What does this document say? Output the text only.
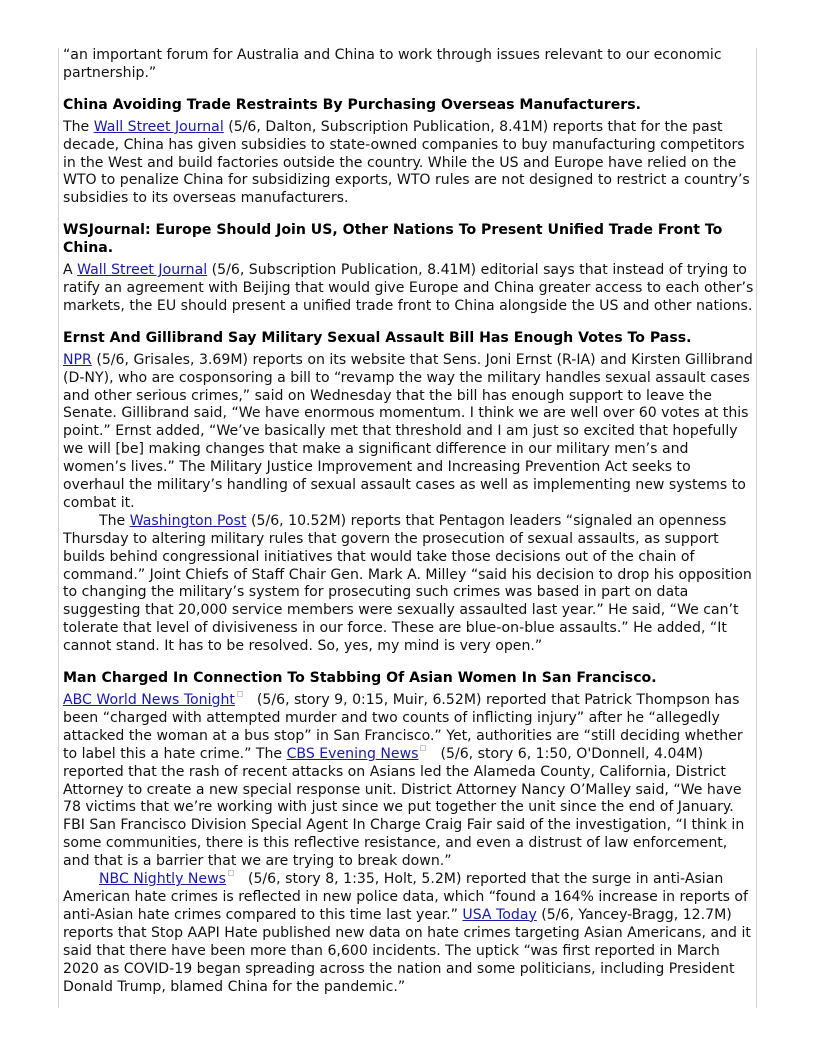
“an important forum for Australia and China to work through issues relevant to our economic partnership.”

China Avoiding Trade Restraints By Purchasing Overseas Manufacturers.

The Wall Street Journal (5/6, Dalton, Subscription Publication, 8.41M) reports that for the past decade, China has given subsidies to state-owned companies to buy manufacturing competitors in the West and build factories outside the country. While the US and Europe have relied on the WTO to penalize China for subsidizing exports, WTO rules are not designed to restrict a country’s subsidies to its overseas manufacturers.

WSJournal: Europe Should Join US, Other Nations To Present Unified Trade Front To China.

A Wall Street Journal (5/6, Subscription Publication, 8.41M) editorial says that instead of trying to ratify an agreement with Beijing that would give Europe and China greater access to each other’s markets, the EU should present a unified trade front to China alongside the US and other nations.

Ernst And Gillibrand Say Military Sexual Assault Bill Has Enough Votes To Pass.

NPR (5/6, Grisales, 3.69M) reports on its website that Sens. Joni Ernst (R-IA) and Kirsten Gillibrand (D-NY), who are cosponsoring a bill to “revamp the way the military handles sexual assault cases and other serious crimes,” said on Wednesday that the bill has enough support to leave the Senate. Gillibrand said, “We have enormous momentum. I think we are well over 60 votes at this point.” Ernst added, “We’ve basically met that threshold and I am just so excited that hopefully we will [be] making changes that make a significant difference in our military men’s and women’s lives.” The Military Justice Improvement and Increasing Prevention Act seeks to overhaul the military’s handling of sexual assault cases as well as implementing new systems to combat it.

The Washington Post (5/6, 10.52M) reports that Pentagon leaders “signaled an openness Thursday to altering military rules that govern the prosecution of sexual assaults, as support builds behind congressional initiatives that would take those decisions out of the chain of command.” Joint Chiefs of Staff Chair Gen. Mark A. Milley “said his decision to drop his opposition to changing the military’s system for prosecuting such crimes was based in part on data suggesting that 20,000 service members were sexually assaulted last year.” He said, “We can’t tolerate that level of divisiveness in our force. These are blue-on-blue assaults.” He added, “It cannot stand. It has to be resolved. So, yes, my mind is very open.”

Man Charged In Connection To Stabbing Of Asian Women In San Francisco.

ABC World News Tonight (5/6, story 9, 0:15, Muir, 6.52M) reported that Patrick Thompson has been “charged with attempted murder and two counts of inflicting injury” after he “allegedly attacked the woman at a bus stop” in San Francisco.” Yet, authorities are “still deciding whether to label this a hate crime.” The CBS Evening News (5/6, story 6, 1:50, O'Donnell, 4.04M) reported that the rash of recent attacks on Asians led the Alameda County, California, District Attorney to create a new special response unit. District Attorney Nancy O’Malley said, “We have 78 victims that we’re working with just since we put together the unit since the end of January. FBI San Francisco Division Special Agent In Charge Craig Fair said of the investigation, “I think in some communities, there is this reflective resistance, and even a distrust of law enforcement, and that is a barrier that we are trying to break down.”

NBC Nightly News (5/6, story 8, 1:35, Holt, 5.2M) reported that the surge in anti-Asian American hate crimes is reflected in new police data, which “found a 164% increase in reports of anti-Asian hate crimes compared to this time last year.” USA Today (5/6, Yancey-Bragg, 12.7M) reports that Stop AAPI Hate published new data on hate crimes targeting Asian Americans, and it said that there have been more than 6,600 incidents. The uptick “was first reported in March 2020 as COVID-19 began spreading across the nation and some politicians, including President Donald Trump, blamed China for the pandemic.”
